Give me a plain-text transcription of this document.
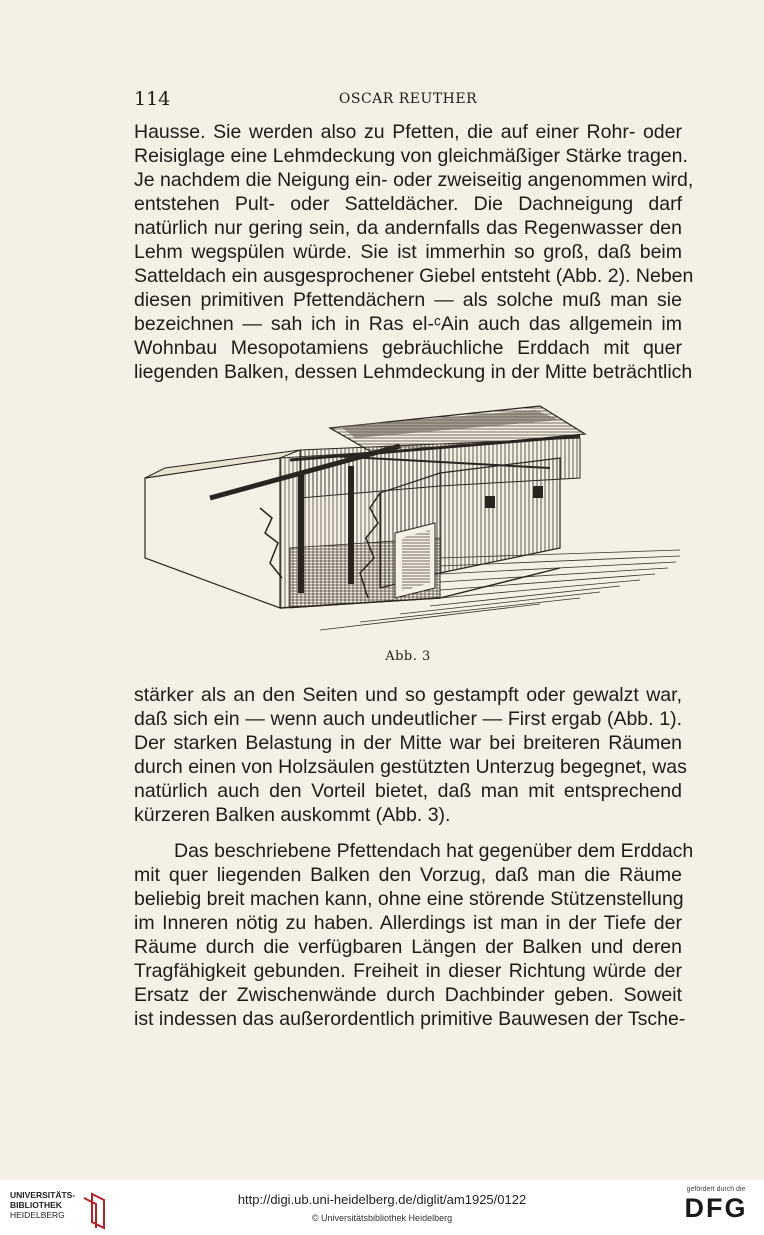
114	OSCAR REUTHER
Hausse. Sie werden also zu Pfetten, die auf einer Rohr- oder
Reisiglage eine Lehmdeckung von gleichmäßiger Stärke tragen.
Je nachdem die Neigung ein- oder zweiseitig angenommen wird,
entstehen Pult- oder Satteldächer. Die Dachneigung darf
natürlich nur gering sein, da andernfalls das Regenwasser den
Lehm wegspülen würde. Sie ist immerhin so groß, daß beim
Satteldach ein ausgesprochener Giebel entsteht (Abb. 2). Neben
diesen primitiven Pfettendächern — als solche muß man sie
bezeichnen — sah ich in Ras el-ᶜAin auch das allgemein im
Wohnbau Mesopotamiens gebräuchliche Erddach mit quer
liegenden Balken, dessen Lehmdeckung in der Mitte beträchtlich
Abb. 3
stärker als an den Seiten und so gestampft oder gewalzt war,
daß sich ein — wenn auch undeutlicher — First ergab (Abb. 1).
Der starken Belastung in der Mitte war bei breiteren Räumen
durch einen von Holzsäulen gestützten Unterzug begegnet, was
natürlich auch den Vorteil bietet, daß man mit entsprechend
kürzeren Balken auskommt (Abb. 3).
Das beschriebene Pfettendach hat gegenüber dem Erddach
mit quer liegenden Balken den Vorzug, daß man die Räume
beliebig breit machen kann, ohne eine störende Stützenstellung
im Inneren nötig zu haben. Allerdings ist man in der Tiefe der
Räume durch die verfügbaren Längen der Balken und deren
Tragfähigkeit gebunden. Freiheit in dieser Richtung würde der
Ersatz der Zwischenwände durch Dachbinder geben. Soweit
ist indessen das außerordentlich primitive Bauwesen der Tsche-
UNIVERSITÄTS-
BIBLIOTHEK
HEIDELBERG
http://digi.ub.uni-heidelberg.de/diglit/am1925/0122
© Universitätsbibliothek Heidelberg
gefördert durch die
DFG
